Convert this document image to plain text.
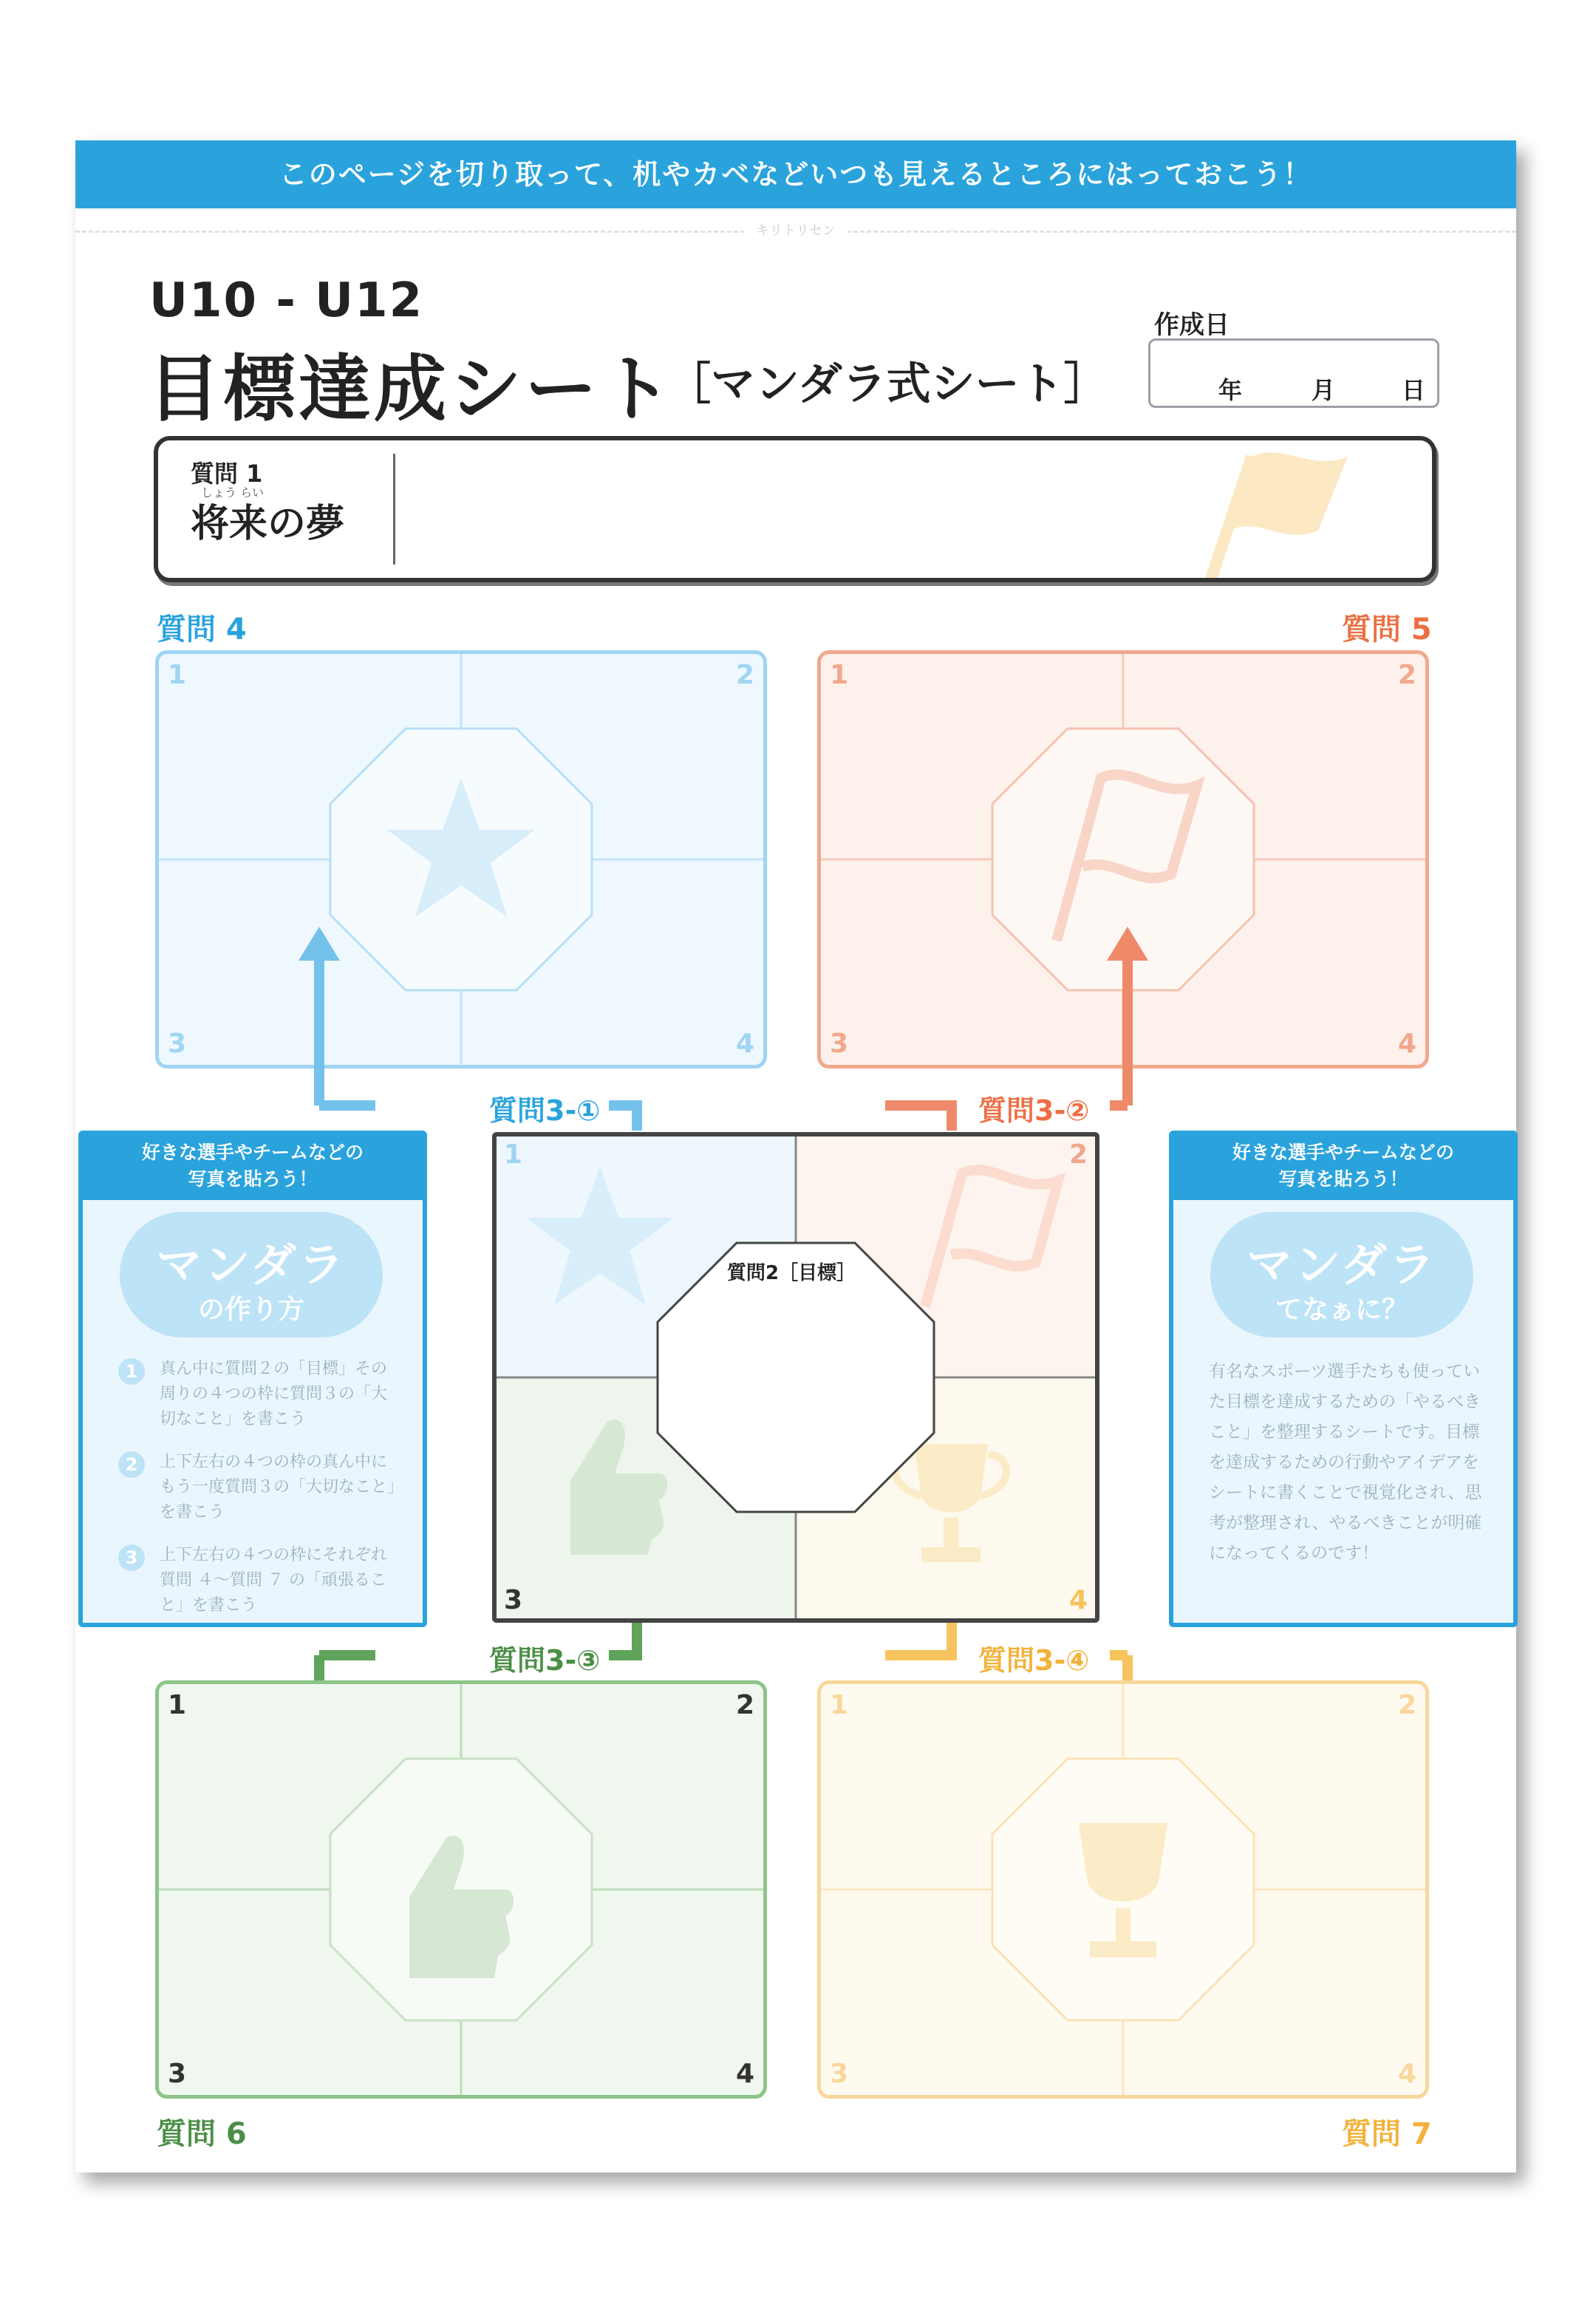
このページを切り取って、机やカベなどいつも見えるところにはっておこう！
キリトリセン
U10 - U12
目標達成シート
［マンダラ式シート］
作成日
年	月	日
質問 1
しょう らい
将来の夢
質問 4
1	2
3	4
質問 5
1	2
3	4
質問3-①	質問3-②
質問3-③	質問3-④
好きな選手やチームなどの
写真を貼ろう！
マンダラ
の作り方
1	真ん中に質問２の「目標」その周りの４つの枠に質問３の「大切なこと」を書こう
2	上下左右の４つの枠の真ん中にもう一度質問３の「大切なこと」を書こう
3	上下左右の４つの枠にそれぞれ質問 ４～質問 ７ の「頑張ること」を書こう
好きな選手やチームなどの
写真を貼ろう！
マンダラ
てなぁに？
有名なスポーツ選手たちも使っていた目標を達成するための「やるべきこと」を整理するシートです。目標を達成するための行動やアイデアをシートに書くことで視覚化され、思考が整理され、やるべきことが明確になってくるのです！
質問2［目標］
1	2
3	4
1	2
3	4
質問 6
1	2
3	4
質問 7
